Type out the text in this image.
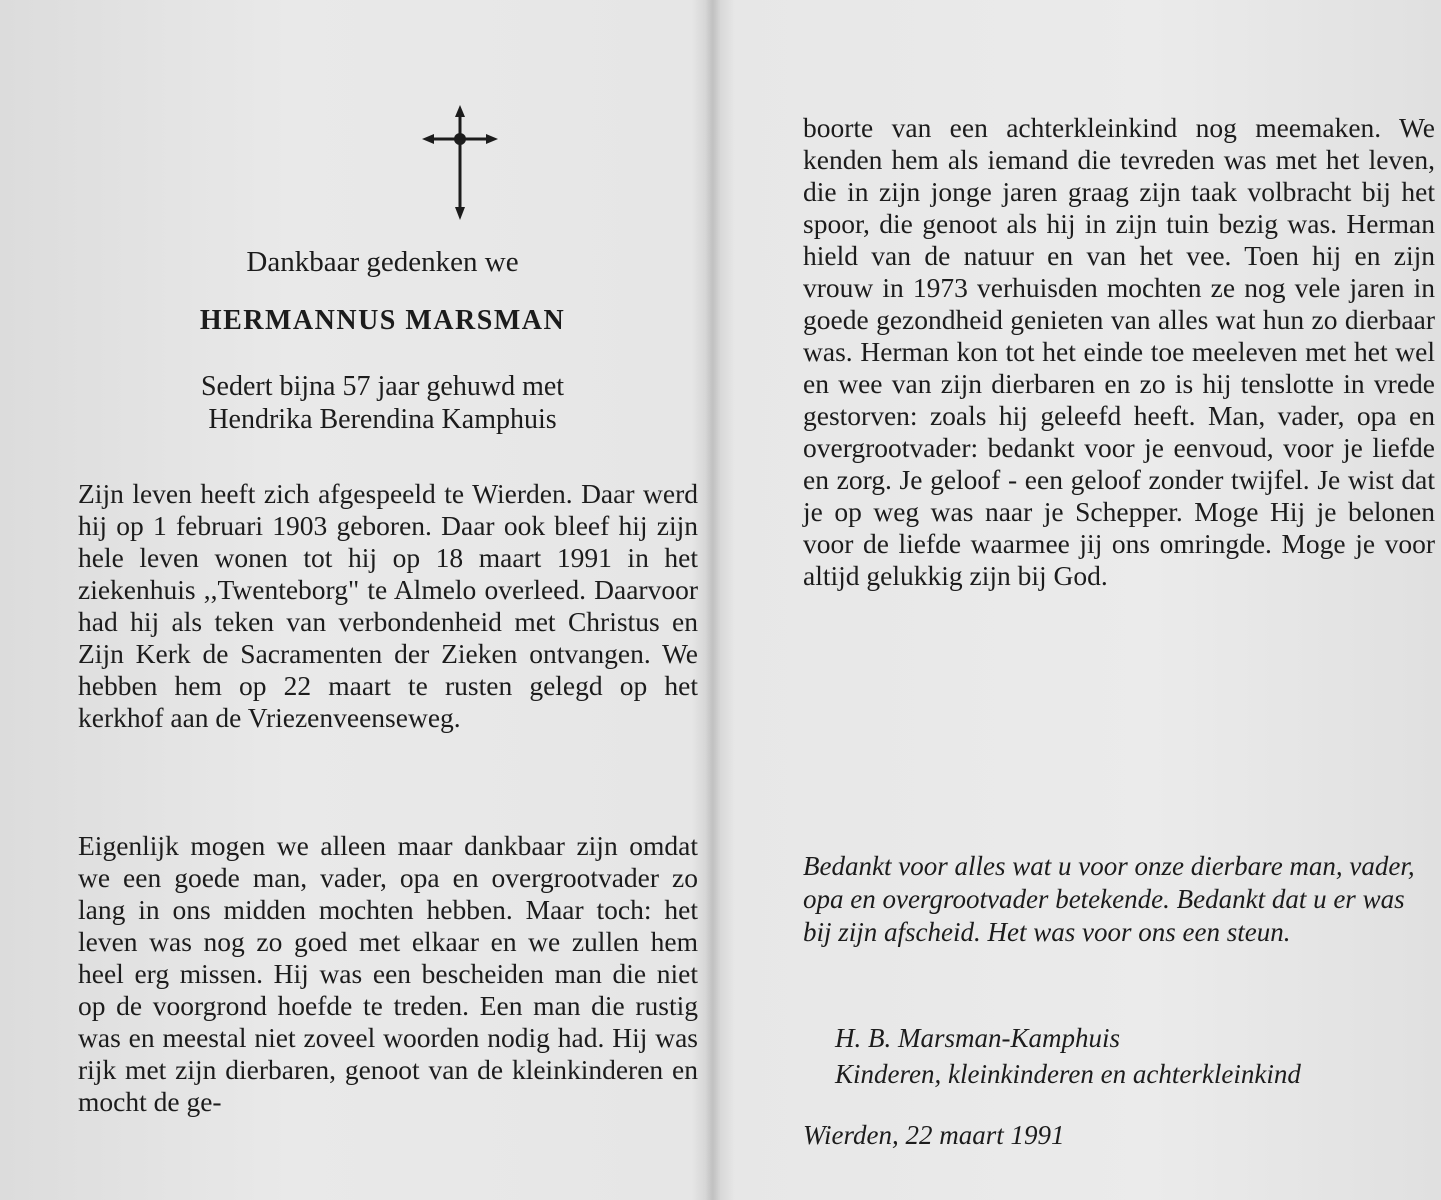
Dankbaar gedenken we
HERMANNUS MARSMAN
Sedert bijna 57 jaar gehuwd met
Hendrika Berendina Kamphuis
Zijn leven heeft zich afgespeeld te Wierden. Daar werd hij op 1 februari 1903 geboren. Daar ook bleef hij zijn hele leven wonen tot hij op 18 maart 1991 in het ziekenhuis ,,Twenteborg" te Almelo overleed. Daarvoor had hij als teken van verbondenheid met Christus en Zijn Kerk de Sacramenten der Zieken ontvangen. We hebben hem op 22 maart te rusten gelegd op het kerkhof aan de Vriezenveenseweg.
Eigenlijk mogen we alleen maar dankbaar zijn omdat we een goede man, vader, opa en overgrootvader zo lang in ons midden mochten hebben. Maar toch: het leven was nog zo goed met elkaar en we zullen hem heel erg missen. Hij was een bescheiden man die niet op de voorgrond hoefde te treden. Een man die rustig was en meestal niet zoveel woorden nodig had. Hij was rijk met zijn dierbaren, genoot van de kleinkinderen en mocht de ge-
boorte van een achterkleinkind nog meemaken. We kenden hem als iemand die tevreden was met het leven, die in zijn jonge jaren graag zijn taak volbracht bij het spoor, die genoot als hij in zijn tuin bezig was. Herman hield van de natuur en van het vee. Toen hij en zijn vrouw in 1973 verhuisden mochten ze nog vele jaren in goede gezondheid genieten van alles wat hun zo dierbaar was. Herman kon tot het einde toe meeleven met het wel en wee van zijn dierbaren en zo is hij tenslotte in vrede gestorven: zoals hij geleefd heeft. Man, vader, opa en overgrootvader: bedankt voor je eenvoud, voor je liefde en zorg. Je geloof - een geloof zonder twijfel. Je wist dat je op weg was naar je Schepper. Moge Hij je belonen voor de liefde waarmee jij ons omringde. Moge je voor altijd gelukkig zijn bij God.
Bedankt voor alles wat u voor onze dierbare man, vader, opa en overgrootvader betekende. Bedankt dat u er was bij zijn afscheid. Het was voor ons een steun.
H. B. Marsman-Kamphuis
Kinderen, kleinkinderen en achterkleinkind
Wierden, 22 maart 1991
